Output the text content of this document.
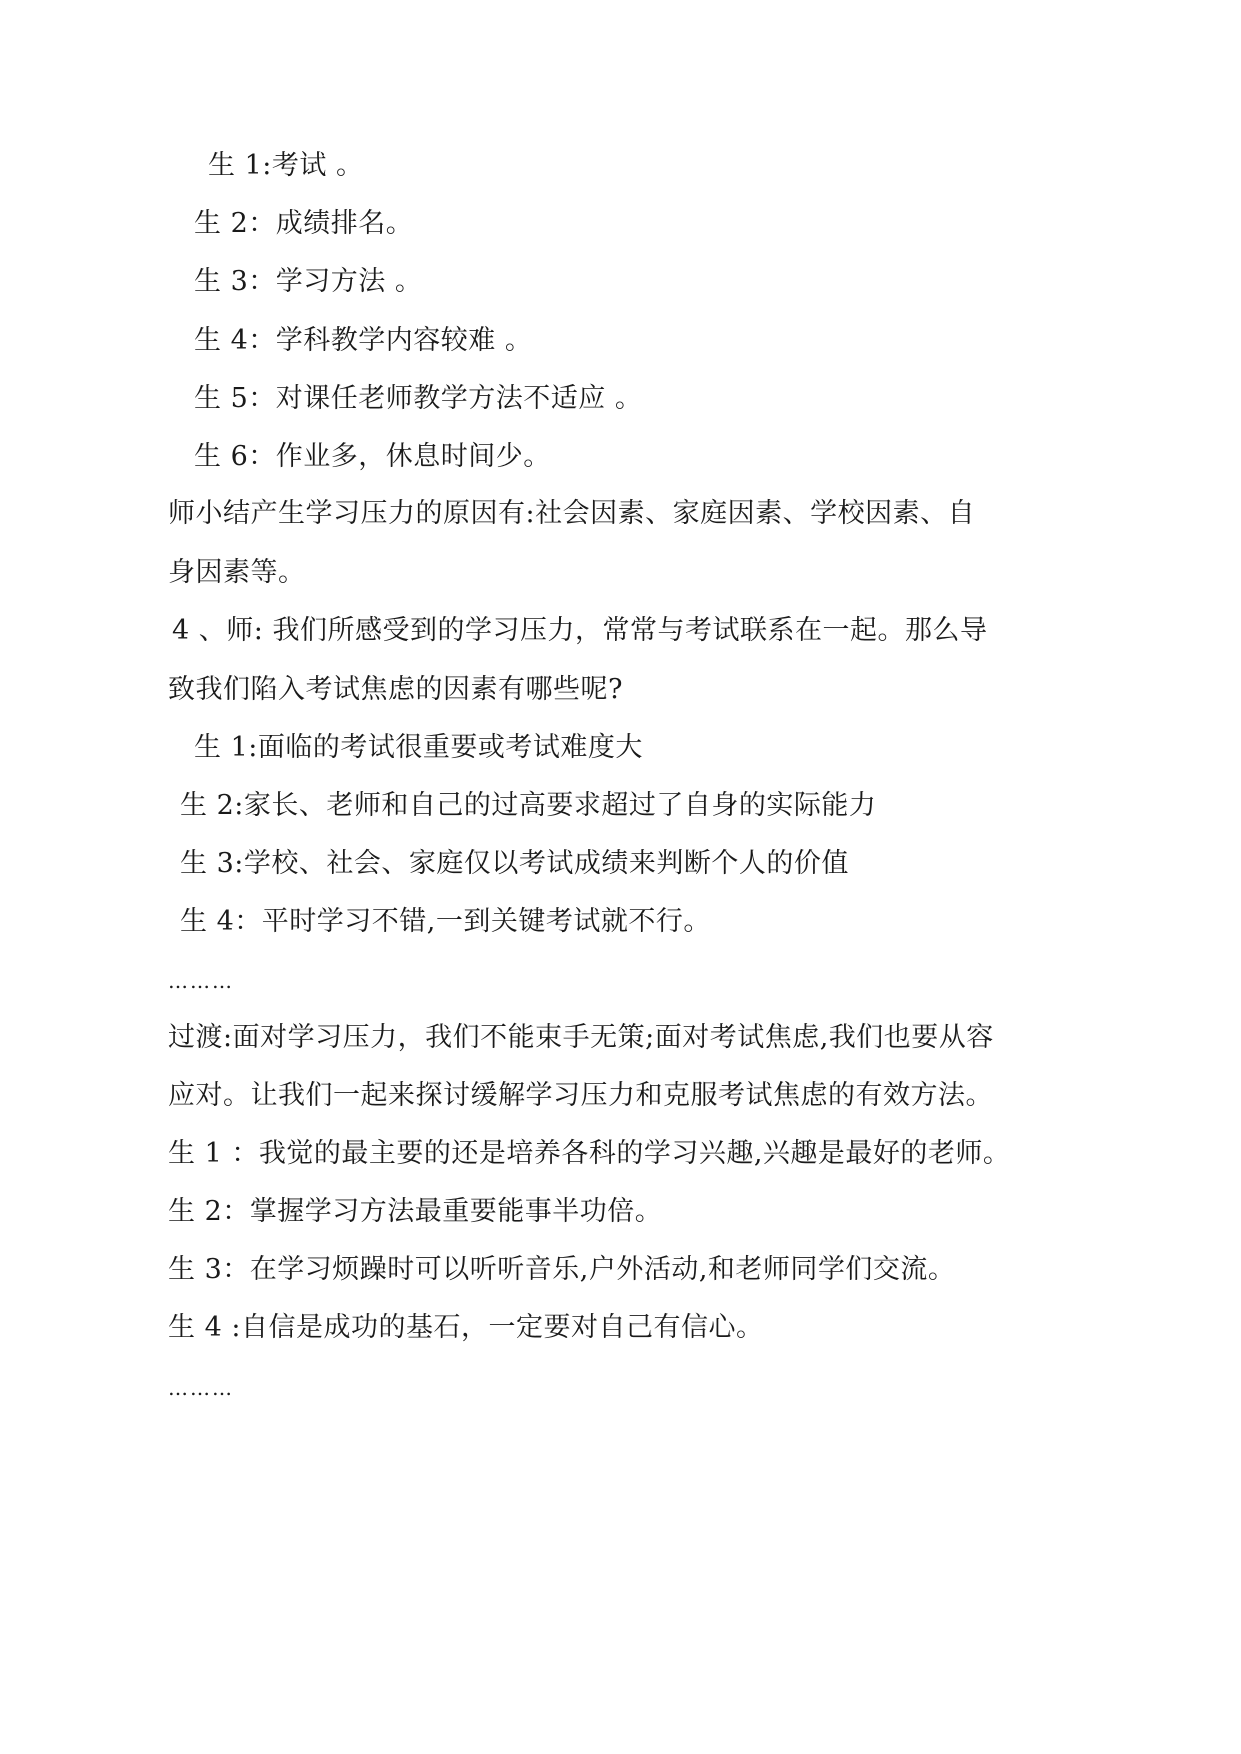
生 1:考试 。
生 2：成绩排名。
生 3：学习方法 。
生 4：学科教学内容较难 。
生 5：对课任老师教学方法不适应 。
生 6：作业多，休息时间少。
师小结产生学习压力的原因有:社会因素、家庭因素、学校因素、自
身因素等。
4 、师: 我们所感受到的学习压力，常常与考试联系在一起。那么导
致我们陷入考试焦虑的因素有哪些呢?
生 1:面临的考试很重要或考试难度大
生 2:家长、老师和自己的过高要求超过了自身的实际能力
生 3:学校、社会、家庭仅以考试成绩来判断个人的价值
生 4：平时学习不错,一到关键考试就不行。
………
过渡:面对学习压力，我们不能束手无策;面对考试焦虑,我们也要从容
应对。让我们一起来探讨缓解学习压力和克服考试焦虑的有效方法。
生 1 ：我觉的最主要的还是培养各科的学习兴趣,兴趣是最好的老师。
生 2：掌握学习方法最重要能事半功倍。
生 3：在学习烦躁时可以听听音乐,户外活动,和老师同学们交流。
生 4 :自信是成功的基石，一定要对自己有信心。
………
